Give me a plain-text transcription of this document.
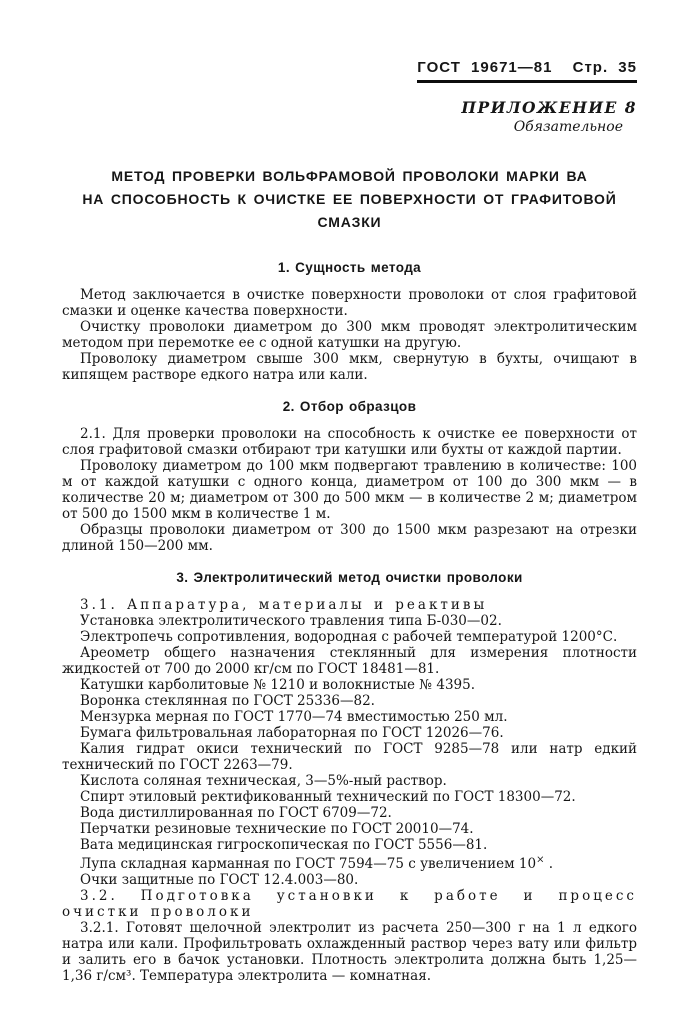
ГОСТ 19671—81 Стр. 35
ПРИЛОЖЕНИЕ 8
Обязательное
МЕТОД ПРОВЕРКИ ВОЛЬФРАМОВОЙ ПРОВОЛОКИ МАРКИ ВА
НА СПОСОБНОСТЬ К ОЧИСТКЕ ЕЕ ПОВЕРХНОСТИ ОТ ГРАФИТОВОЙ СМАЗКИ
1. Сущность метода

Метод заключается в очистке поверхности проволоки от слоя графитовой смазки и оценке качества поверхности.

Очистку проволоки диаметром до 300 мкм проводят электролитическим методом при перемотке ее с одной катушки на другую.

Проволоку диаметром свыше 300 мкм, свернутую в бухты, очищают в кипящем растворе едкого натра или кали.

2. Отбор образцов

2.1. Для проверки проволоки на способность к очистке ее поверхности от слоя графитовой смазки отбирают три катушки или бухты от каждой партии.

Проволоку диаметром до 100 мкм подвергают травлению в количестве: 100 м от каждой катушки с одного конца, диаметром от 100 до 300 мкм — в количестве 20 м; диаметром от 300 до 500 мкм — в количестве 2 м; диаметром от 500 до 1500 мкм в количестве 1 м.

Образцы проволоки диаметром от 300 до 1500 мкм разрезают на отрезки длиной 150—200 мм.

3. Электролитический метод очистки проволоки

3.1. Аппаратура, материалы и реактивы

Установка электролитического травления типа Б-030—02.

Электропечь сопротивления, водородная с рабочей температурой 1200°С.

Ареометр общего назначения стеклянный для измерения плотности жидкостей от 700 до 2000 кг/см по ГОСТ 18481—81.

Катушки карболитовые № 1210 и волокнистые № 4395.

Воронка стеклянная по ГОСТ 25336—82.

Мензурка мерная по ГОСТ 1770—74 вместимостью 250 мл.

Бумага фильтровальная лабораторная по ГОСТ 12026—76.

Калия гидрат окиси технический по ГОСТ 9285—78 или натр едкий технический по ГОСТ 2263—79.

Кислота соляная техническая, 3—5%-ный раствор.

Спирт этиловый ректификованный технический по ГОСТ 18300—72.

Вода дистиллированная по ГОСТ 6709—72.

Перчатки резиновые технические по ГОСТ 20010—74.

Вата медицинская гигроскопическая по ГОСТ 5556—81.

Лупа складная карманная по ГОСТ 7594—75 с увеличением 10× .

Очки защитные по ГОСТ 12.4.003—80.

3.2. Подготовка установки к работе и процесс очистки проволоки

3.2.1. Готовят щелочной электролит из расчета 250—300 г на 1 л едкого натра или кали. Профильтровать охлажденный раствор через вату или фильтр и залить его в бачок установки. Плотность электролита должна быть 1,25—1,36 г/см³. Температура электролита — комнатная.
